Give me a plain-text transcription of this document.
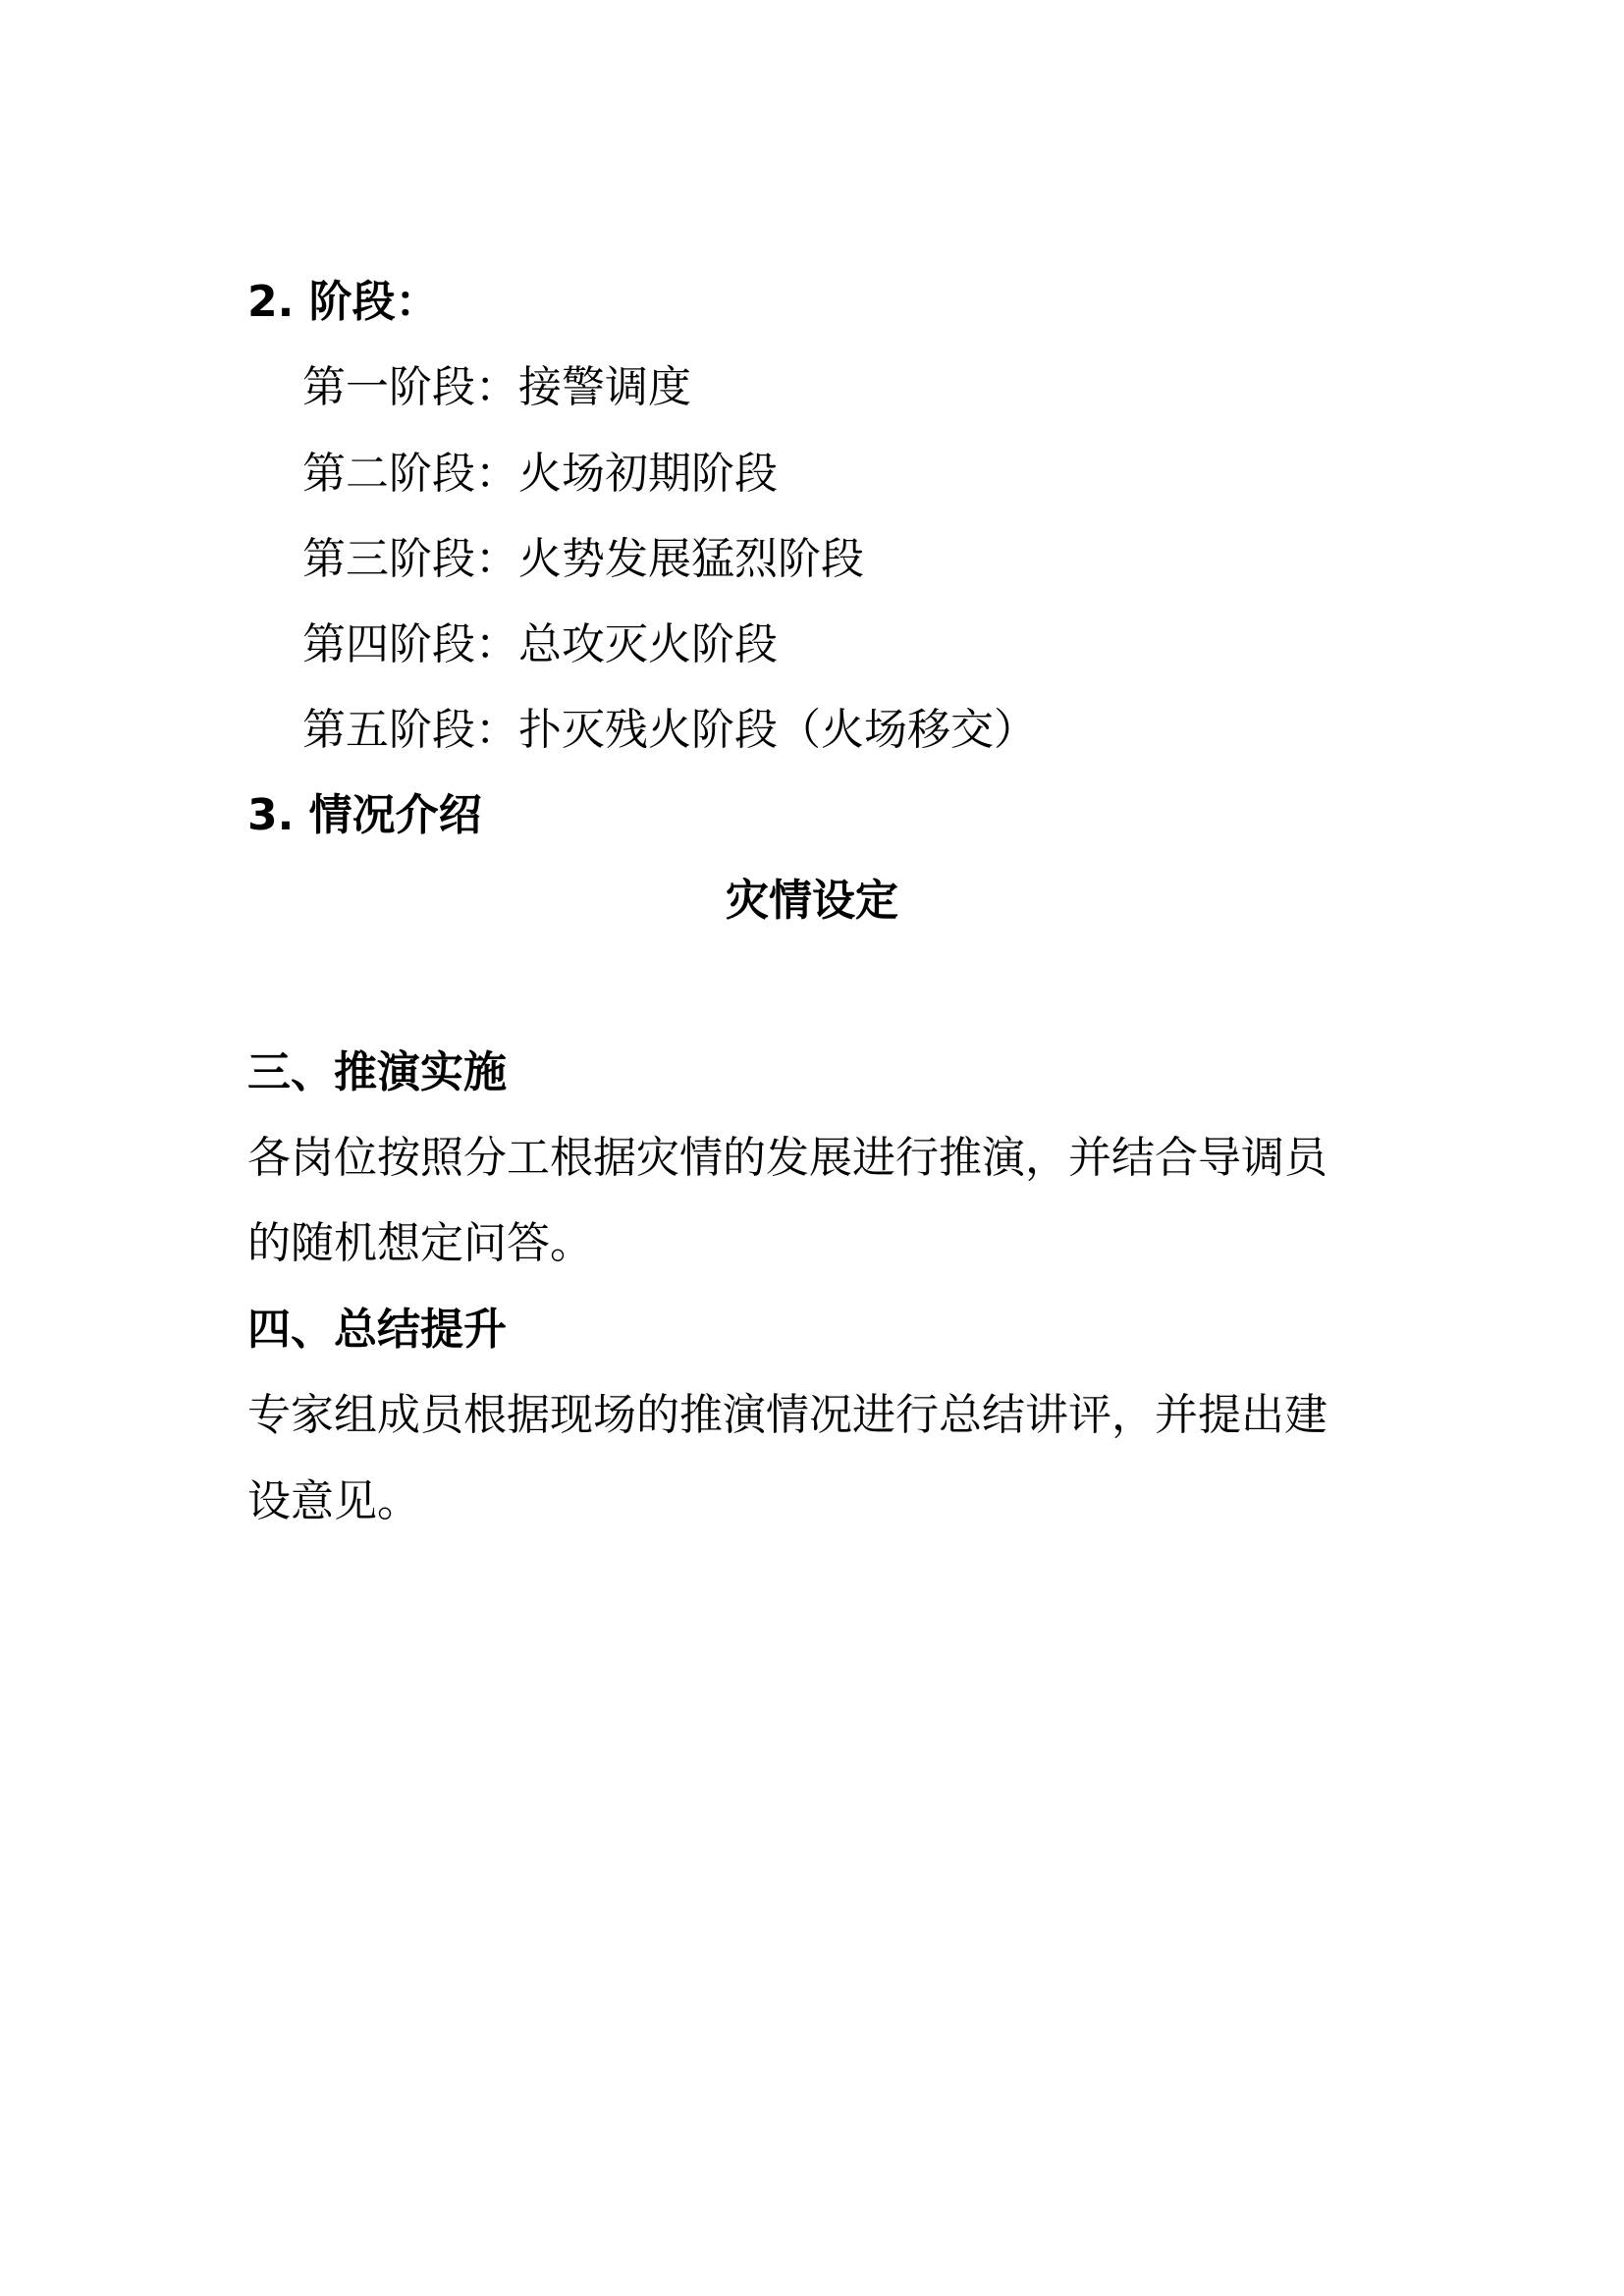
2. 阶段：
第一阶段：接警调度
第二阶段：火场初期阶段
第三阶段：火势发展猛烈阶段
第四阶段：总攻灭火阶段
第五阶段：扑灭残火阶段（火场移交）
3. 情况介绍
灾情设定
三、推演实施
各岗位按照分工根据灾情的发展进行推演，并结合导调员
的随机想定问答。
四、总结提升
专家组成员根据现场的推演情况进行总结讲评，并提出建
设意见。
